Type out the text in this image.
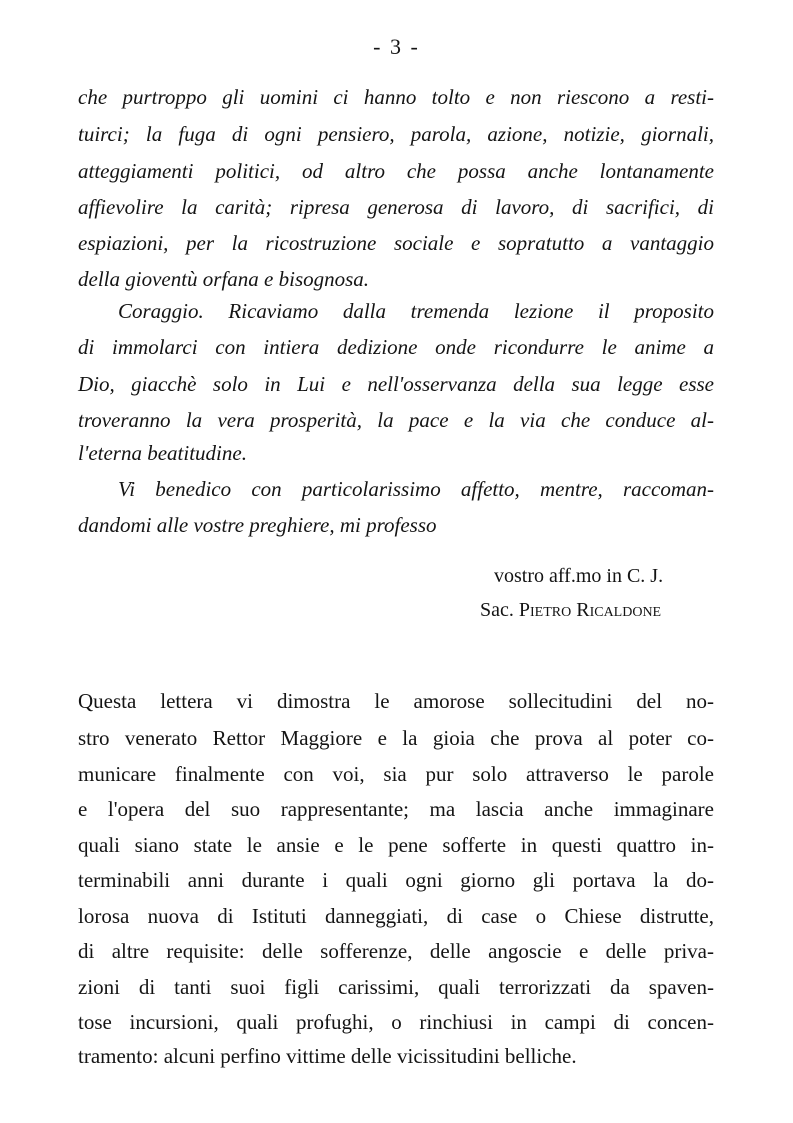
- 3 -
che purtroppo gli uomini ci hanno tolto e non riescono a resti-
tuirci; la fuga di ogni pensiero, parola, azione, notizie, giornali,
atteggiamenti politici, od altro che possa anche lontanamente
affievolire la carità; ripresa generosa di lavoro, di sacrifici, di
espiazioni, per la ricostruzione sociale e sopratutto a vantaggio
della gioventù orfana e bisognosa.
Coraggio. Ricaviamo dalla tremenda lezione il proposito
di immolarci con intiera dedizione onde ricondurre le anime a
Dio, giacchè solo in Lui e nell'osservanza della sua legge esse
troveranno la vera prosperità, la pace e la via che conduce al-
l'eterna beatitudine.
Vi benedico con particolarissimo affetto, mentre, raccoman-
dandomi alle vostre preghiere, mi professo
vostro aff.mo in C. J.
Sac. Pietro Ricaldone
Questa lettera vi dimostra le amorose sollecitudini del no-
stro venerato Rettor Maggiore e la gioia che prova al poter co-
municare finalmente con voi, sia pur solo attraverso le parole
e l'opera del suo rappresentante; ma lascia anche immaginare
quali siano state le ansie e le pene sofferte in questi quattro in-
terminabili anni durante i quali ogni giorno gli portava la do-
lorosa nuova di Istituti danneggiati, di case o Chiese distrutte,
di altre requisite: delle sofferenze, delle angoscie e delle priva-
zioni di tanti suoi figli carissimi, quali terrorizzati da spaven-
tose incursioni, quali profughi, o rinchiusi in campi di concen-
tramento: alcuni perfino vittime delle vicissitudini belliche.
